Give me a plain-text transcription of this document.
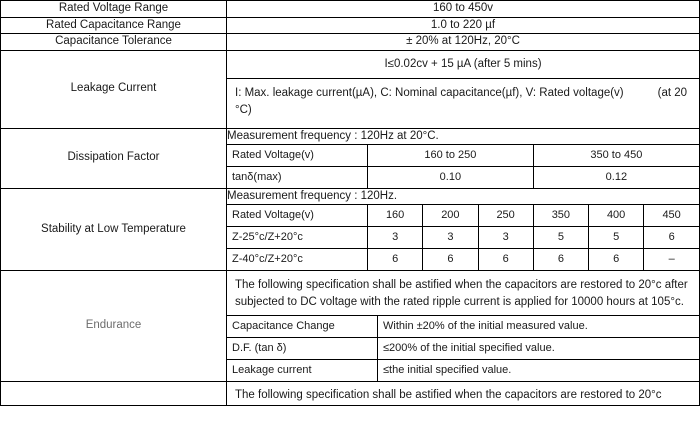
Rated Voltage Range	160 to 450v
Rated Capacitance Range	1.0 to 220 µf
Capacitance Tolerance	± 20% at 120Hz, 20°C
Leakage Current	
I≤0.02cv + 15 µA (after 5 mins)
I: Max. leakage current(µA), C: Nominal capacitance(µf), V: Rated voltage(v)	(at 20 °C)

Dissipation Factor	
Measurement frequency : 120Hz at 20°C.
Rated Voltage(v)	160 to 250	350 to 450
tanδ(max)	0.10	0.12

Stability at Low Temperature	
Measurement frequency : 120Hz.
Rated Voltage(v)	160	200	250	350	400	450
Z-25°c/Z+20°c	3	3	3	5	5	6
Z-40°c/Z+20°c	6	6	6	6	6	–

Endurance	
The following specification shall be astified when the capacitors are restored to 20°c after subjected to DC voltage with the rated ripple current is applied for 10000 hours at 105°c.
Capacitance Change	Within ±20% of the initial measured value.
D.F. (tan δ)	≤200% of the initial specified value.
Leakage current	≤the initial specified value.

The following specification shall be astified when the capacitors are restored to 20°c
